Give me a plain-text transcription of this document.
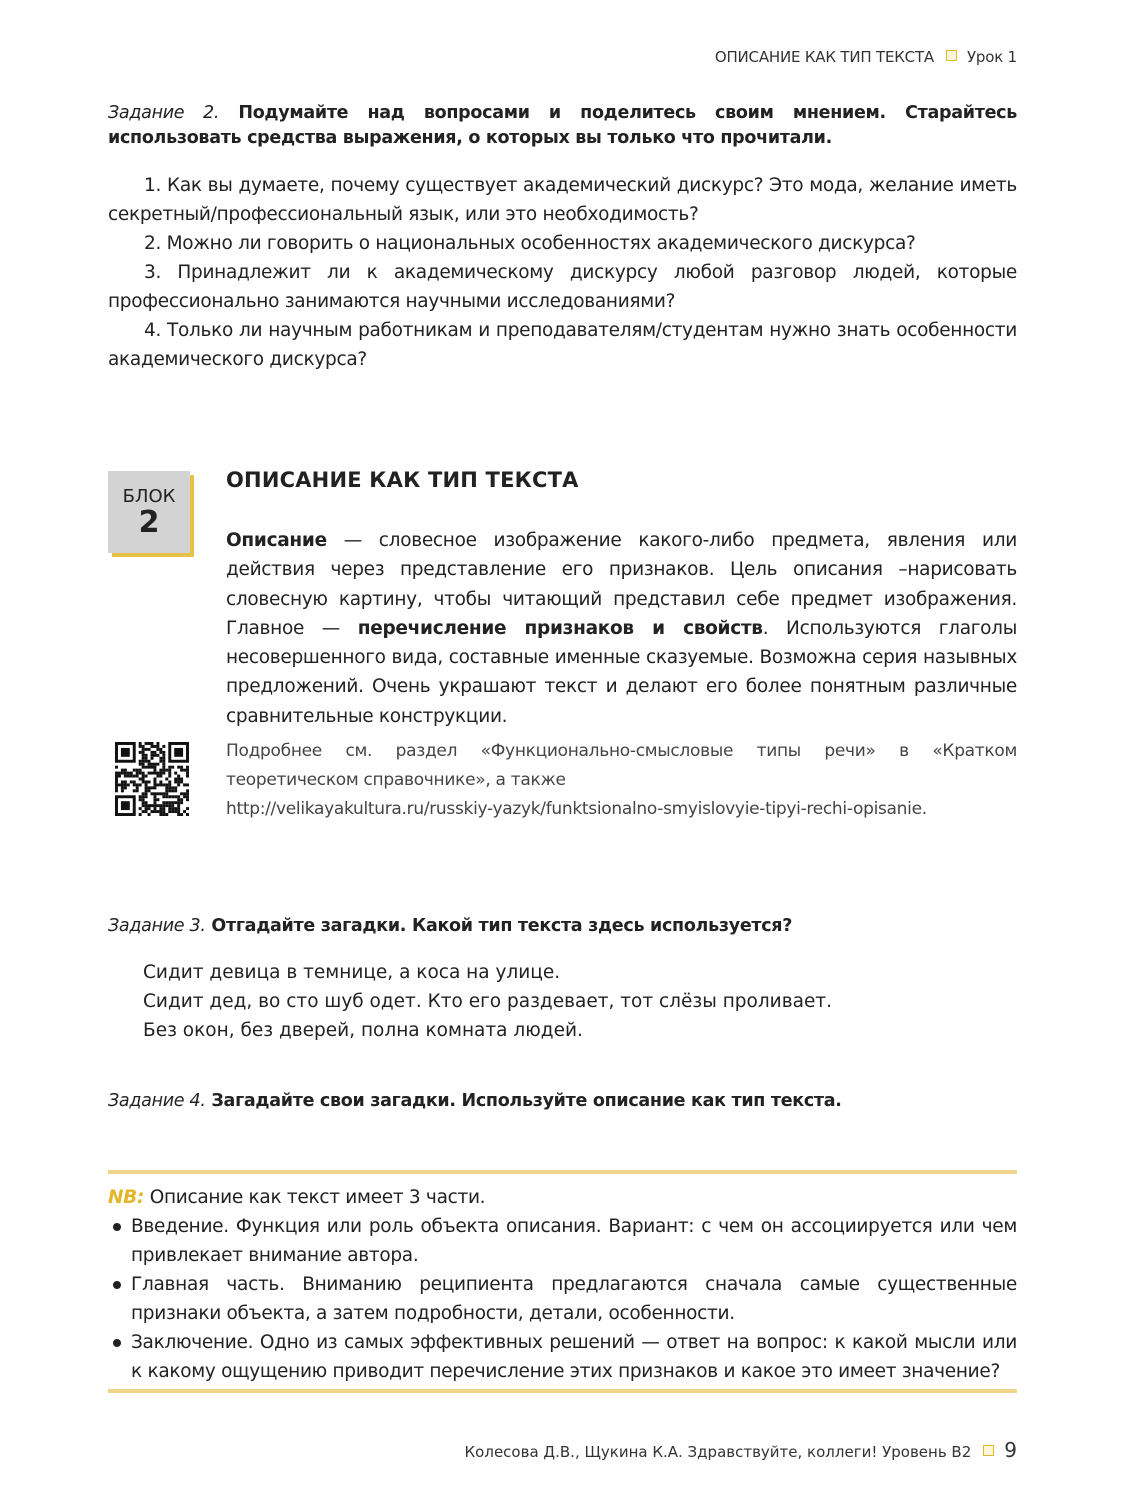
ОПИСАНИЕ КАК ТИП ТЕКСТА Урок 1
Задание 2. Подумайте над вопросами и поделитесь своим мнением. Старайтесь использовать средства выражения, о которых вы только что прочитали.

1. Как вы думаете, почему существует академический дискурс? Это мода, желание иметь секретный/профессиональный язык, или это необходимость?

2. Можно ли говорить о национальных особенностях академического дискурса?

3. Принадлежит ли к академическому дискурсу любой разговор людей, которые профессионально занимаются научными исследованиями?

4. Только ли научным работникам и преподавателям/студентам нужно знать особенности академического дискурса?

БЛОК
2
ОПИСАНИЕ КАК ТИП ТЕКСТА
Описание — словесное изображение какого-либо предмета, явления или действия через представление его признаков. Цель описания –нарисовать словесную картину, чтобы читающий представил себе предмет изображения. Главное — перечисление признаков и свойств. Используются глаголы несовершенного вида, составные именные сказуемые. Возможна серия назывных предложений. Очень украшают текст и делают его более понятным различные сравнительные конструкции.
Подробнее см. раздел «Функционально-смысловые типы речи» в «Кратком теоретическом справочнике», а также
http://velikayakultura.ru/russkiy-yazyk/funktsionalno-smyislovyie-tipyi-rechi-opisanie.
Задание 3. Отгадайте загадки. Какой тип текста здесь используется?
Сидит девица в темнице, а коса на улице.
Сидит дед, во сто шуб одет. Кто его раздевает, тот слёзы проливает.
Без окон, без дверей, полна комната людей.
Задание 4. Загадайте свои загадки. Используйте описание как тип текста.
NB: Описание как текст имеет 3 части.
Введение. Функция или роль объекта описания. Вариант: с чем он ассоциируется или чем привлекает внимание автора.
Главная часть. Вниманию реципиента предлагаются сначала самые существенные признаки объекта, а затем подробности, детали, особенности.
Заключение. Одно из самых эффективных решений — ответ на вопрос: к какой мысли или к какому ощущению приводит перечисление этих признаков и какое это имеет значение?
Колесова Д.В., Щукина К.А. Здравствуйте, коллеги! Уровень В2 9
